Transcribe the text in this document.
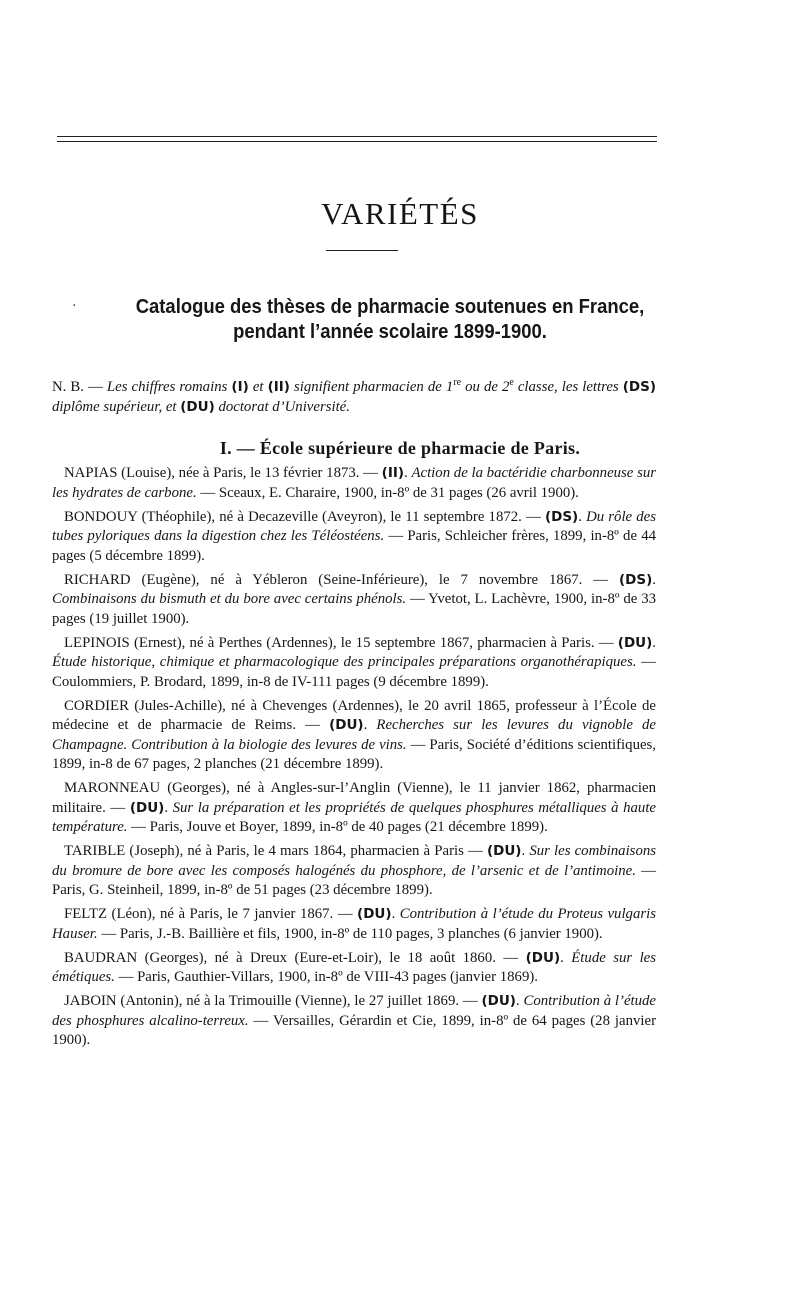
VARIÉTÉS
Catalogue des thèses de pharmacie soutenues en France,
pendant l’année scolaire 1899-1900.
·
N. B. — Les chiffres romains (I) et (II) signifient pharmacien de 1re ou de 2e classe, les lettres (DS) diplôme supérieur, et (DU) doctorat d’Université.
I. — École supérieure de pharmacie de Paris.

NAPIAS (Louise), née à Paris, le 13 février 1873. — (II). Action de la bactéridie charbonneuse sur les hydrates de carbone. — Sceaux, E. Charaire, 1900, in-8º de 31 pages (26 avril 1900).

BONDOUY (Théophile), né à Decazeville (Aveyron), le 11 septembre 1872. — (DS). Du rôle des tubes pyloriques dans la digestion chez les Téléostéens. — Paris, Schleicher frères, 1899, in-8º de 44 pages (5 décembre 1899).

RICHARD (Eugène), né à Yébleron (Seine-Inférieure), le 7 novembre 1867. — (DS). Combinaisons du bismuth et du bore avec certains phénols. — Yvetot, L. Lachèvre, 1900, in-8º de 33 pages (19 juillet 1900).

LEPINOIS (Ernest), né à Perthes (Ardennes), le 15 septembre 1867, pharmacien à Paris. — (DU). Étude historique, chimique et pharmacologique des principales préparations organothérapiques. — Coulommiers, P. Brodard, 1899, in-8 de IV-111 pages (9 décembre 1899).

CORDIER (Jules-Achille), né à Chevenges (Ardennes), le 20 avril 1865, professeur à l’École de médecine et de pharmacie de Reims. — (DU). Recherches sur les levures du vignoble de Champagne. Contribution à la biologie des levures de vins. — Paris, Société d’éditions scientifiques, 1899, in-8 de 67 pages, 2 planches (21 décembre 1899).

MARONNEAU (Georges), né à Angles-sur-l’Anglin (Vienne), le 11 janvier 1862, pharmacien militaire. — (DU). Sur la préparation et les propriétés de quelques phosphures métalliques à haute température. — Paris, Jouve et Boyer, 1899, in-8º de 40 pages (21 décembre 1899).

TARIBLE (Joseph), né à Paris, le 4 mars 1864, pharmacien à Paris — (DU). Sur les combinaisons du bromure de bore avec les composés halogénés du phosphore, de l’arsenic et de l’antimoine. — Paris, G. Steinheil, 1899, in-8º de 51 pages (23 décembre 1899).

FELTZ (Léon), né à Paris, le 7 janvier 1867. — (DU). Contribution à l’étude du Proteus vulgaris Hauser. — Paris, J.-B. Baillière et fils, 1900, in-8º de 110 pages, 3 planches (6 janvier 1900).

BAUDRAN (Georges), né à Dreux (Eure-et-Loir), le 18 août 1860. — (DU). Étude sur les émétiques. — Paris, Gauthier-Villars, 1900, in-8º de VIII-43 pages (janvier 1869).

JABOIN (Antonin), né à la Trimouille (Vienne), le 27 juillet 1869. — (DU). Contribution à l’étude des phosphures alcalino-terreux. — Versailles, Gérardin et Cie, 1899, in-8º de 64 pages (28 janvier 1900).
